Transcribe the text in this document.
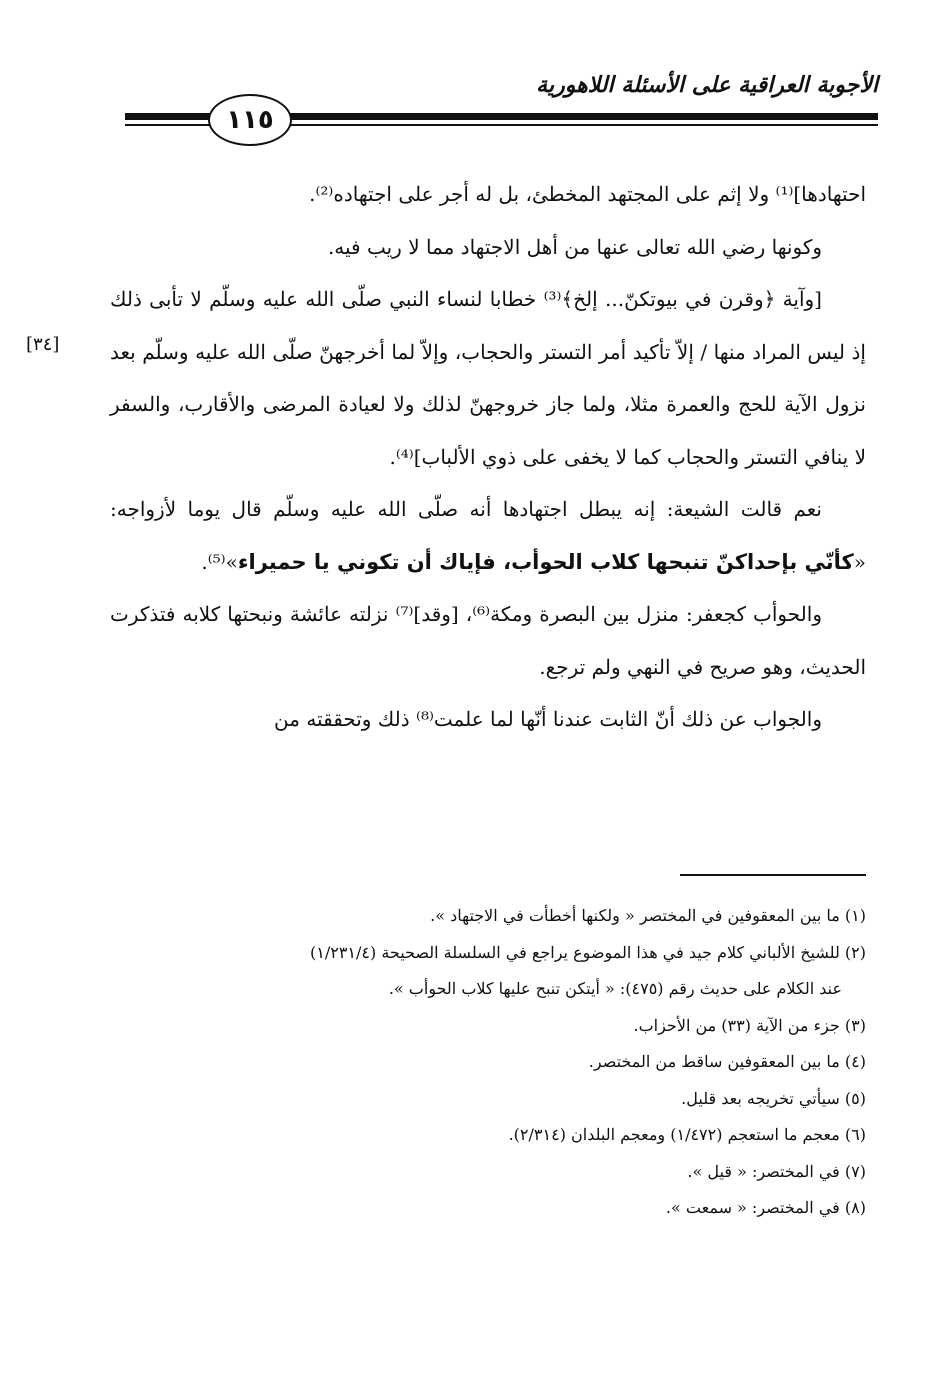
الأجوبة العراقية على الأسئلة اللاهورية
١١٥
[٣٤]

احتهادها]⁽¹⁾ ولا إثم على المجتهد المخطئ، بل له أجر على اجتهاده⁽²⁾.

وكونها رضي الله تعالى عنها من أهل الاجتهاد مما لا ريب فيه.

[وآية ﴿وقرن في بيوتكنّ... إلخ﴾⁽³⁾ خطابا لنساء النبي صلّى الله عليه وسلّم لا تأبى ذلك إذ ليس المراد منها / إلاّ تأكيد أمر التستر والحجاب، وإلاّ لما أخرجهنّ صلّى الله عليه وسلّم بعد نزول الآية للحج والعمرة مثلا، ولما جاز خروجهنّ لذلك ولا لعيادة المرضى والأقارب، والسفر لا ينافي التستر والحجاب كما لا يخفى على ذوي الألباب]⁽⁴⁾.

نعم قالت الشيعة: إنه يبطل اجتهادها أنه صلّى الله عليه وسلّم قال يوما لأزواجه: «كأنّي بإحداكنّ تنبحها كلاب الحوأب، فإياك أن تكوني يا حميراء»⁽⁵⁾.

والحوأب كجعفر: منزل بين البصرة ومكة⁽⁶⁾، [وقد]⁽⁷⁾ نزلته عائشة ونبحتها كلابه فتذكرت الحديث، وهو صريح في النهي ولم ترجع.

والجواب عن ذلك أنّ الثابت عندنا أنّها لما علمت⁽⁸⁾ ذلك وتحققته من

(١) ما بين المعقوفين في المختصر « ولكنها أخطأت في الاجتهاد ».
(٢) للشيخ الألباني كلام جيد في هذا الموضوع يراجع في السلسلة الصحيحة (١/٢٣١/٤)
عند الكلام على حديث رقم (٤٧٥): « أيتكن تنبح عليها كلاب الحوأب ».
(٣) جزء من الآية (٣٣) من الأحزاب.
(٤) ما بين المعقوفين ساقط من المختصر.
(٥) سيأتي تخريجه بعد قليل.
(٦) معجم ما استعجم (١/٤٧٢) ومعجم البلدان (٢/٣١٤).
(٧) في المختصر: « قيل ».
(٨) في المختصر: « سمعت ».
